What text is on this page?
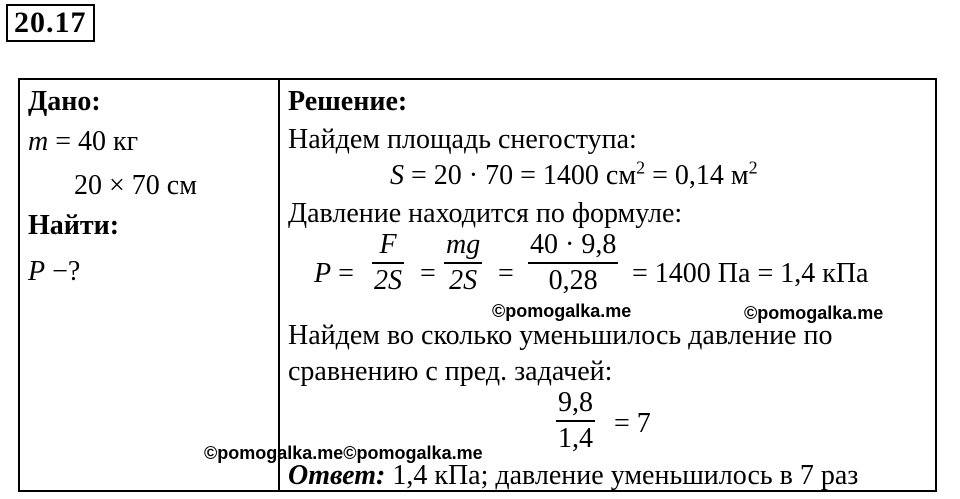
20.17
Дано:
m = 40 кг
20 × 70 см
Найти:
P −?
Решение:
Найдем площадь снегоступа:
S = 20 · 70 = 1400 $см^2 = 0,14$ $м^2$
Давление находится по формуле:
P =
F
2S =
mg
2S =
40 · 9,8
0,28 = 1400 Па = 1,4 кПа
Найдем во сколько уменьшилось давление по
сравнению с пред. задачей:
9,8
1,4 = 7
Ответ: 1,4 кПа; давление уменьшилось в 7 раз
©pomogalka.me	©pomogalka.me
©pomogalka.me©pomogalka.me
